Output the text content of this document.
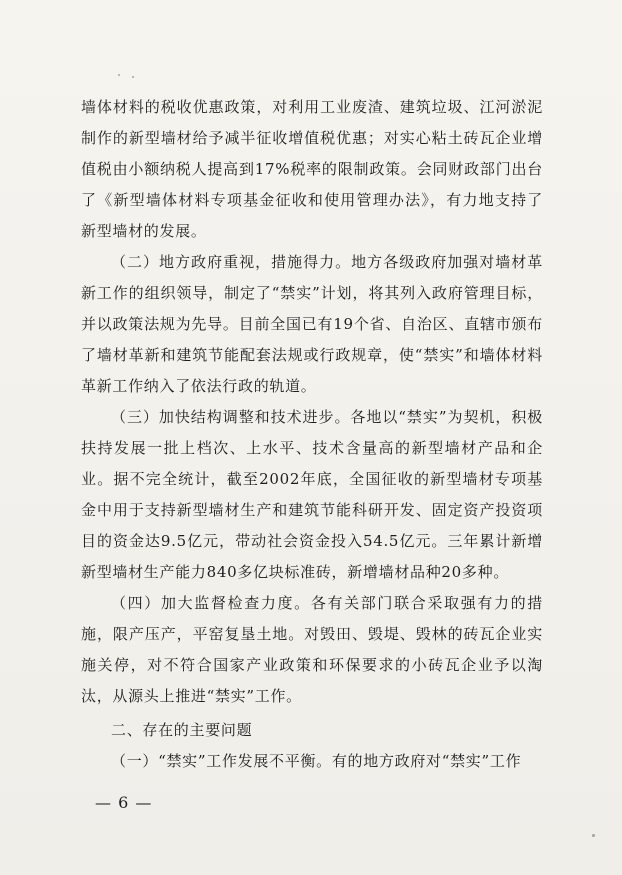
墙体材料的税收优惠政策，对利用工业废渣、建筑垃圾、江河淤泥制作的新型墙材给予减半征收增值税优惠；对实心粘土砖瓦企业增值税由小额纳税人提高到17%税率的限制政策。会同财政部门出台了《新型墙体材料专项基金征收和使用管理办法》，有力地支持了新型墙材的发展。

（二）地方政府重视，措施得力。地方各级政府加强对墙材革新工作的组织领导，制定了“禁实”计划，将其列入政府管理目标，并以政策法规为先导。目前全国已有19个省、自治区、直辖市颁布了墙材革新和建筑节能配套法规或行政规章，使“禁实”和墙体材料革新工作纳入了依法行政的轨道。

（三）加快结构调整和技术进步。各地以“禁实”为契机，积极扶持发展一批上档次、上水平、技术含量高的新型墙材产品和企业。据不完全统计，截至2002年底，全国征收的新型墙材专项基金中用于支持新型墙材生产和建筑节能科研开发、固定资产投资项目的资金达9.5亿元，带动社会资金投入54.5亿元。三年累计新增新型墙材生产能力840多亿块标准砖，新增墙材品种20多种。

（四）加大监督检查力度。各有关部门联合采取强有力的措施，限产压产，平窑复垦土地。对毁田、毁堤、毁林的砖瓦企业实施关停，对不符合国家产业政策和环保要求的小砖瓦企业予以淘汰，从源头上推进“禁实”工作。

二、存在的主要问题

（一）“禁实”工作发展不平衡。有的地方政府对“禁实”工作

— 6 —
